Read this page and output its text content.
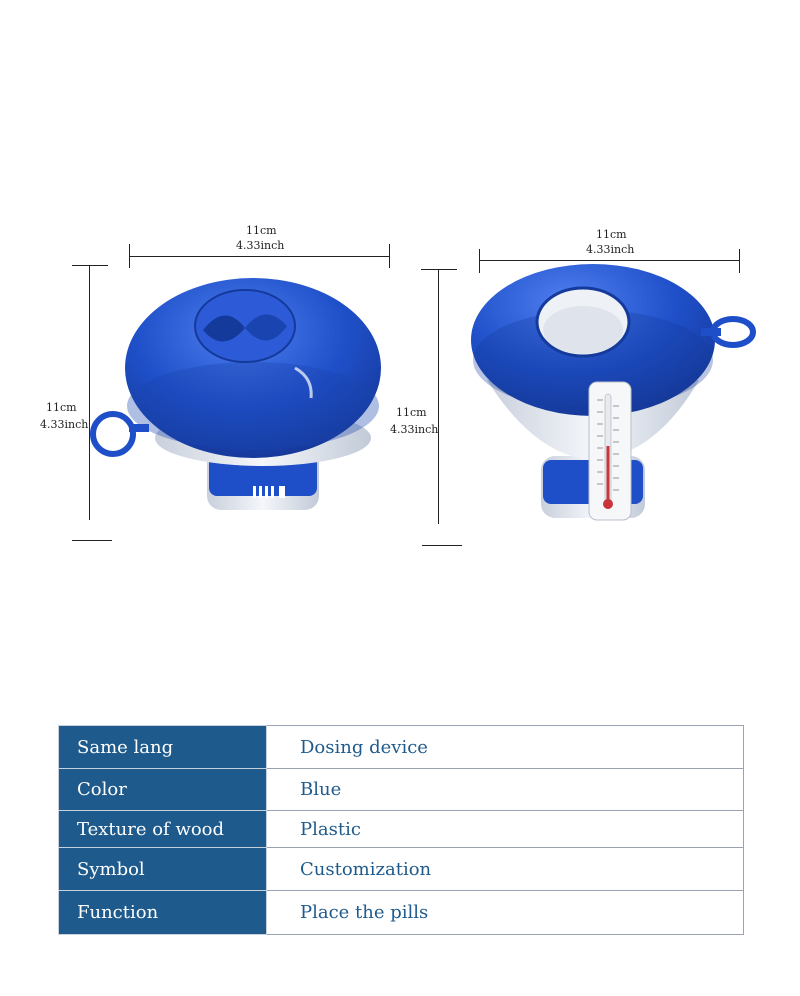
11cm
4.33inch
11cm
4.33inch
11cm
4.33inch
11cm
4.33inch
Same lang	Dosing device
Color	Blue
Texture of wood	Plastic
Symbol	Customization
Function	Place the pills
